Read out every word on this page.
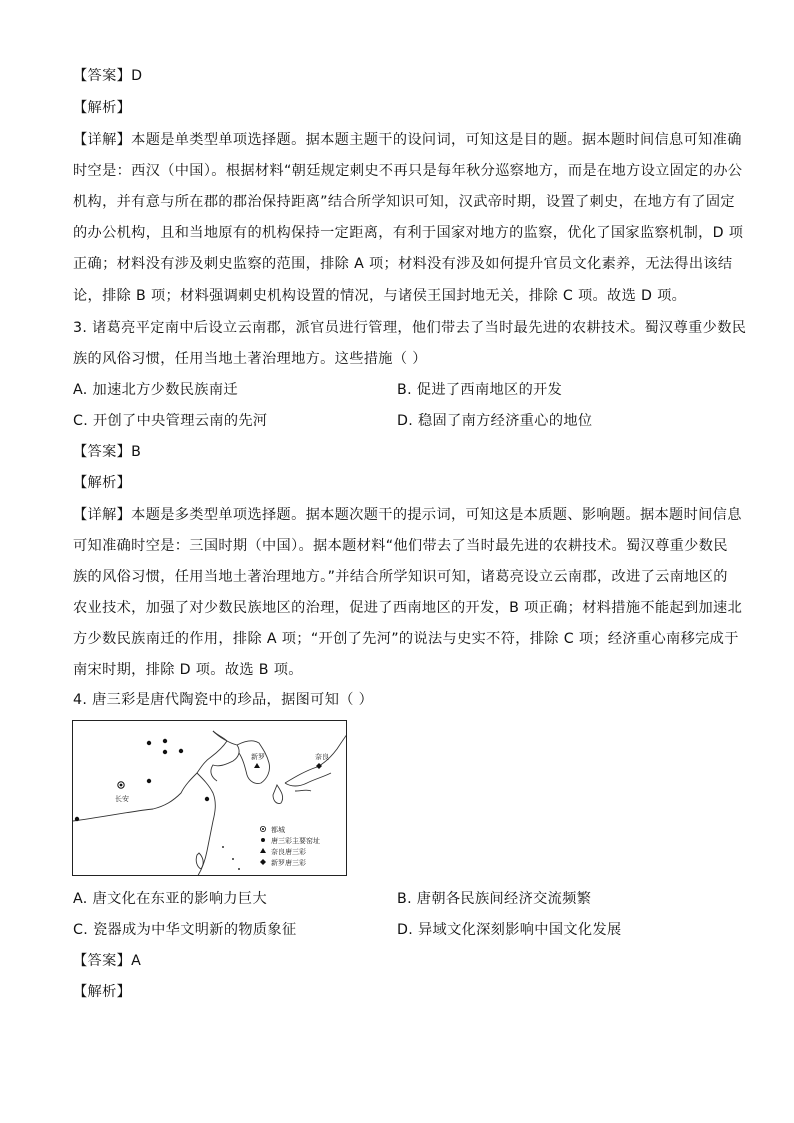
【答案】D
【解析】
【详解】本题是单类型单项选择题。据本题主题干的设问词，可知这是目的题。据本题时间信息可知准确
时空是：西汉（中国）。根据材料“朝廷规定刺史不再只是每年秋分巡察地方，而是在地方设立固定的办公
机构，并有意与所在郡的郡治保持距离”结合所学知识可知，汉武帝时期，设置了刺史，在地方有了固定
的办公机构，且和当地原有的机构保持一定距离，有利于国家对地方的监察，优化了国家监察机制，D 项
正确；材料没有涉及刺史监察的范围，排除 A 项；材料没有涉及如何提升官员文化素养，无法得出该结
论，排除 B 项；材料强调刺史机构设置的情况，与诸侯王国封地无关，排除 C 项。故选 D 项。
3. 诸葛亮平定南中后设立云南郡，派官员进行管理，他们带去了当时最先进的农耕技术。蜀汉尊重少数民
族的风俗习惯，任用当地土著治理地方。这些措施（ ）
A. 加速北方少数民族南迁	B. 促进了西南地区的开发
C. 开创了中央管理云南的先河	D. 稳固了南方经济重心的地位
【答案】B
【解析】
【详解】本题是多类型单项选择题。据本题次题干的提示词，可知这是本质题、影响题。据本题时间信息
可知准确时空是：三国时期（中国）。据本题材料“他们带去了当时最先进的农耕技术。蜀汉尊重少数民
族的风俗习惯，任用当地土著治理地方。”并结合所学知识可知，诸葛亮设立云南郡，改进了云南地区的
农业技术，加强了对少数民族地区的治理，促进了西南地区的开发，B 项正确；材料措施不能起到加速北
方少数民族南迁的作用，排除 A 项；“开创了先河”的说法与史实不符，排除 C 项；经济重心南移完成于
南宋时期，排除 D 项。故选 B 项。
4. 唐三彩是唐代陶瓷中的珍品，据图可知（ ）
长安
新罗	奈良
都城
唐三彩主要窑址
奈良唐三彩
新罗唐三彩
A. 唐文化在东亚的影响力巨大	B. 唐朝各民族间经济交流频繁
C. 瓷器成为中华文明新的物质象征	D. 异域文化深刻影响中国文化发展
【答案】A
【解析】
